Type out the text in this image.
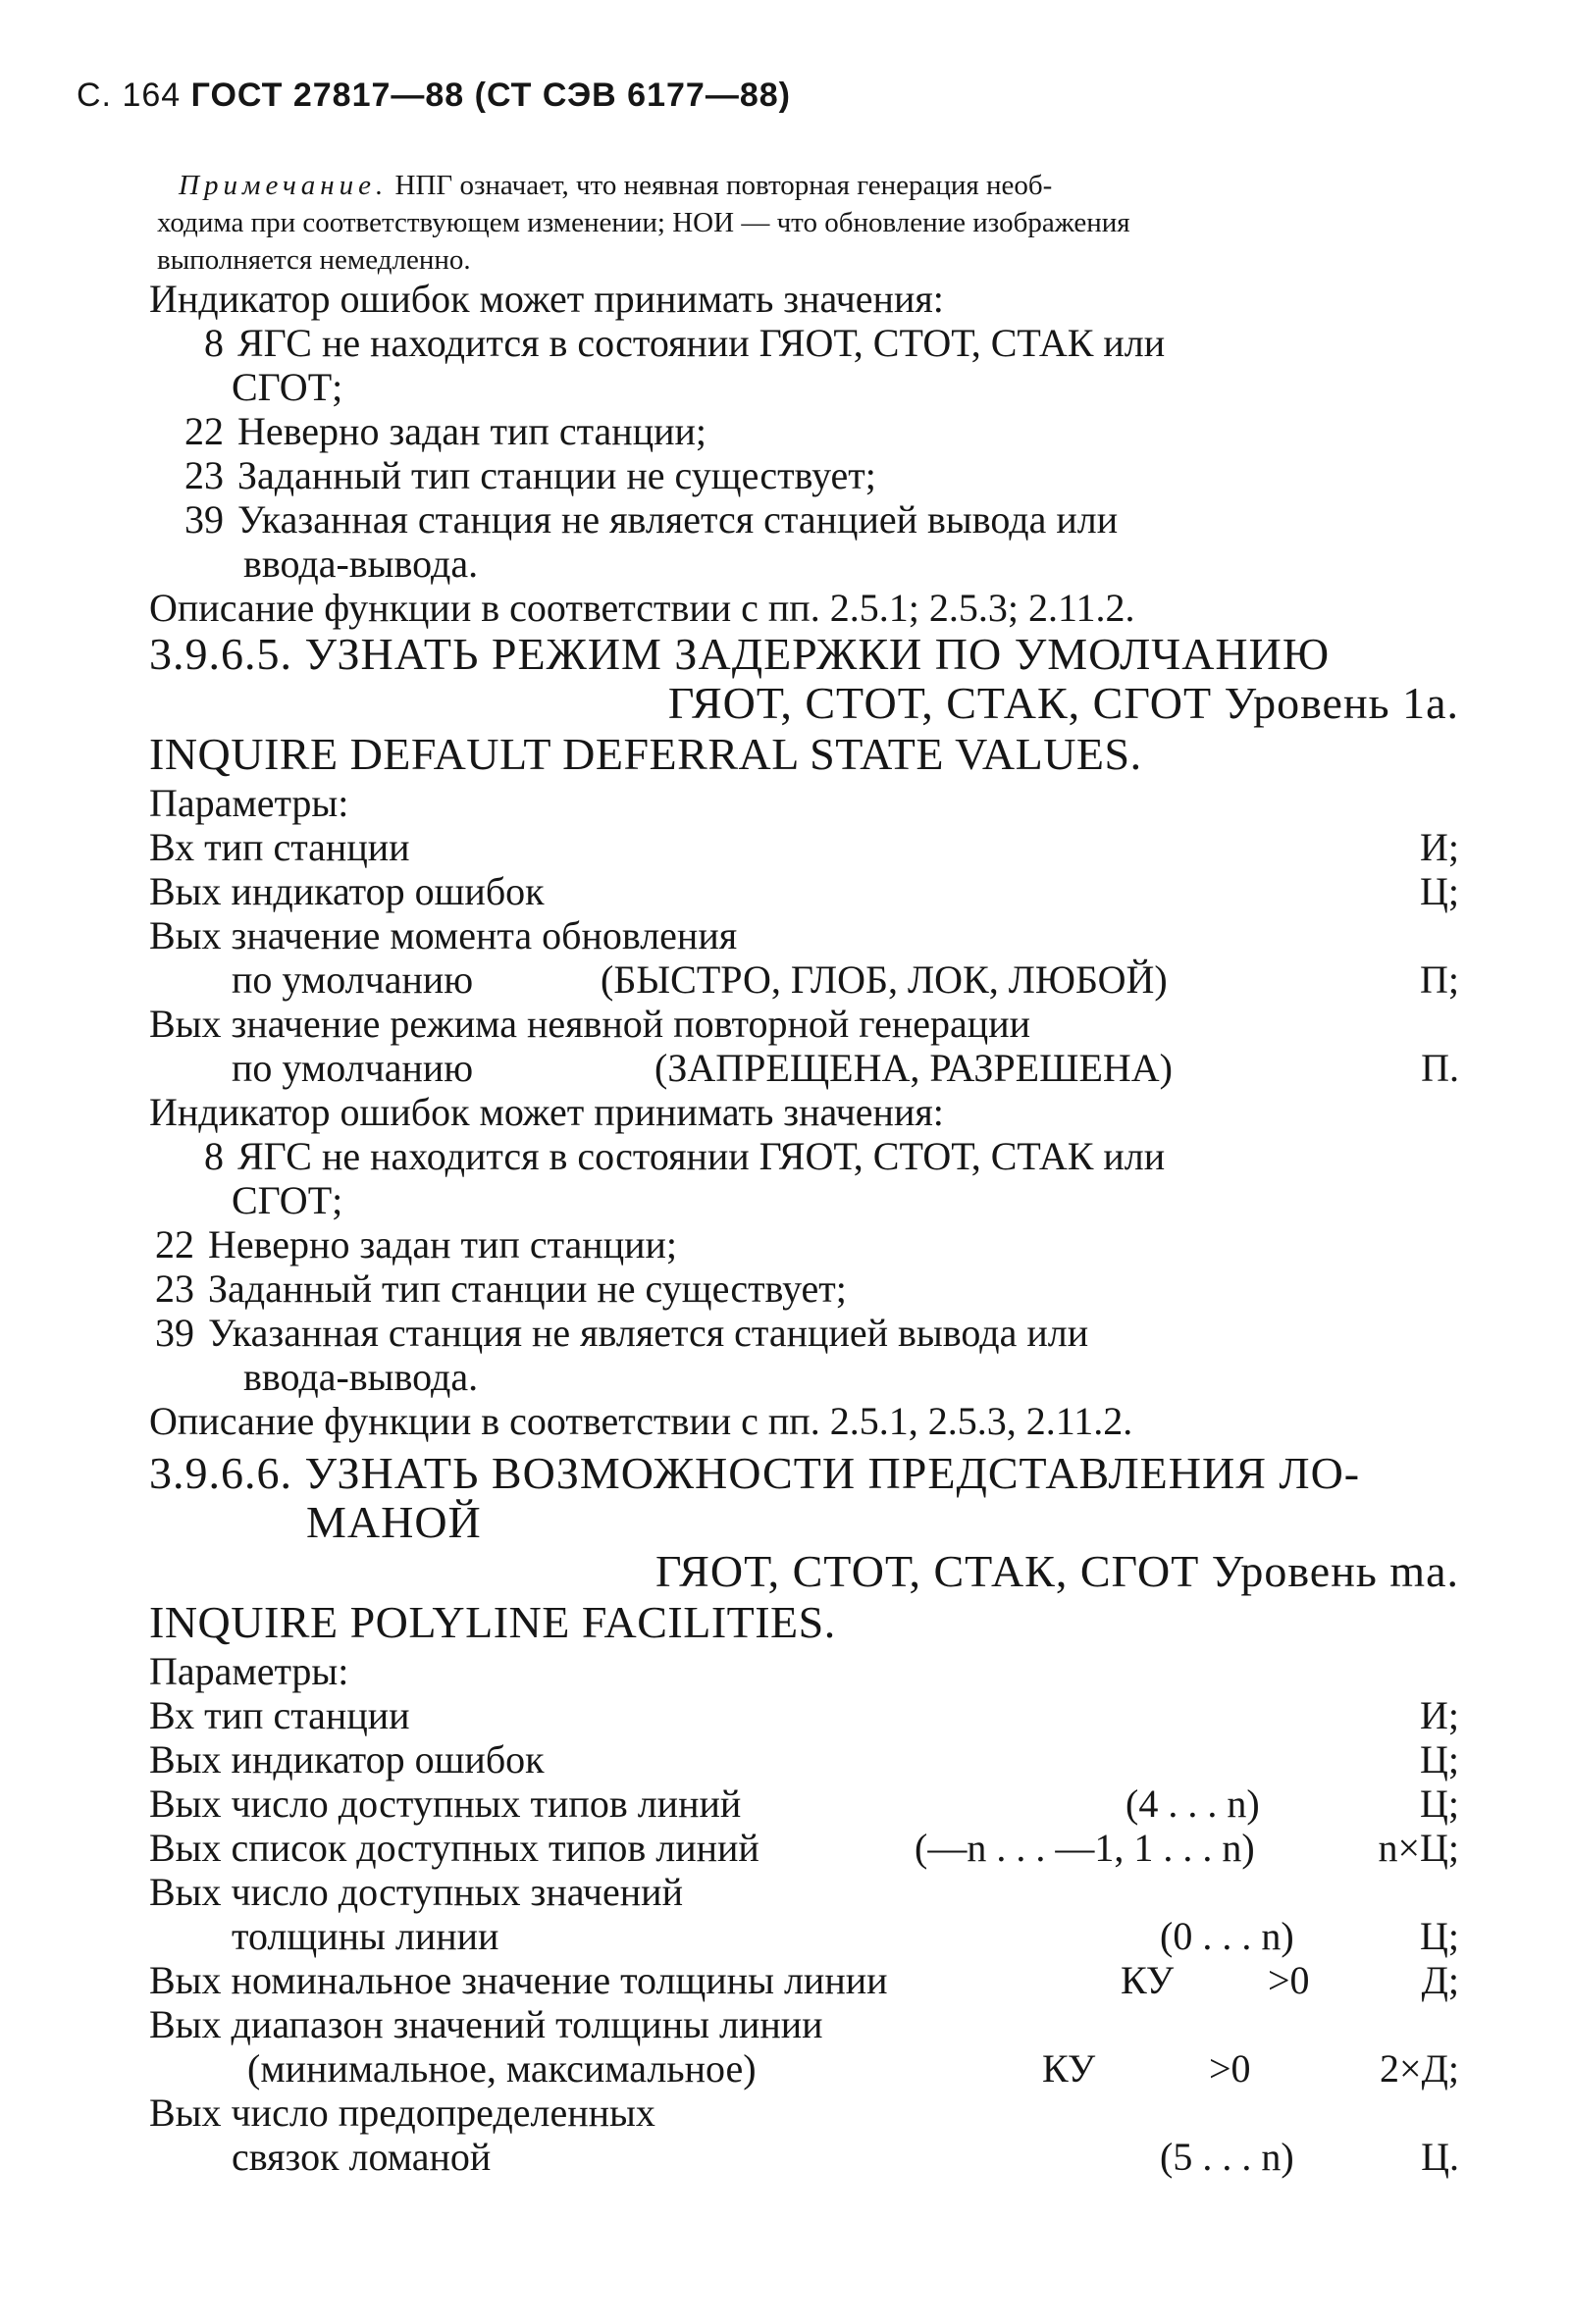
С. 164 ГОСТ 27817—88 (СТ СЭВ 6177—88)
Примечание. НПГ означает, что неявная повторная генерация необ-
ходима при соответствующем изменении; НОИ — что обновление изображения
выполняется немедленно.
Индикатор ошибок может принимать значения:
8 ЯГС не находится в состоянии ГЯОТ, СТОТ, СТАК или
СГОТ;
22 Неверно задан тип станции;
23 Заданный тип станции не существует;
39 Указанная станция не является станцией вывода или
ввода-вывода.
Описание функции в соответствии с пп. 2.5.1; 2.5.3; 2.11.2.
3.9.6.5. УЗНАТЬ РЕЖИМ ЗАДЕРЖКИ ПО УМОЛЧАНИЮ
ГЯОТ, СТОТ, СТАК, СГОТ Уровень 1а.
INQUIRE DEFAULT DEFERRAL STATE VALUES.
Параметры:
Вх тип станции	И;
Вых индикатор ошибок	Ц;
Вых значение момента обновления
по умолчанию	(БЫСТРО, ГЛОБ, ЛОК, ЛЮБОЙ)	П;
Вых значение режима неявной повторной генерации
по умолчанию	(ЗАПРЕЩЕНА, РАЗРЕШЕНА)	П.
Индикатор ошибок может принимать значения:
8 ЯГС не находится в состоянии ГЯОТ, СТОТ, СТАК или
СГОТ;
22 Неверно задан тип станции;
23 Заданный тип станции не существует;
39 Указанная станция не является станцией вывода или
ввода-вывода.
Описание функции в соответствии с пп. 2.5.1, 2.5.3, 2.11.2.
3.9.6.6. УЗНАТЬ ВОЗМОЖНОСТИ ПРЕДСТАВЛЕНИЯ ЛО-
МАНОЙ
ГЯОТ, СТОТ, СТАК, СГОТ Уровень ma.
INQUIRE POLYLINE FACILITIES.
Параметры:
Вх тип станции	И;
Вых индикатор ошибок	Ц;
Вых число доступных типов линий	(4 . . . n)	Ц;
Вых список доступных типов линий	(—n . . . —1, 1 . . . n)	n×Ц;
Вых число доступных значений
толщины линии	(0 . . . n)	Ц;
Вых номинальное значение толщины линии	КУ >0	Д;
Вых диапазон значений толщины линии
(минимальное, максимальное)	КУ	>0	2×Д;
Вых число предопределенных
связок ломаной	(5 . . . n)	Ц.
